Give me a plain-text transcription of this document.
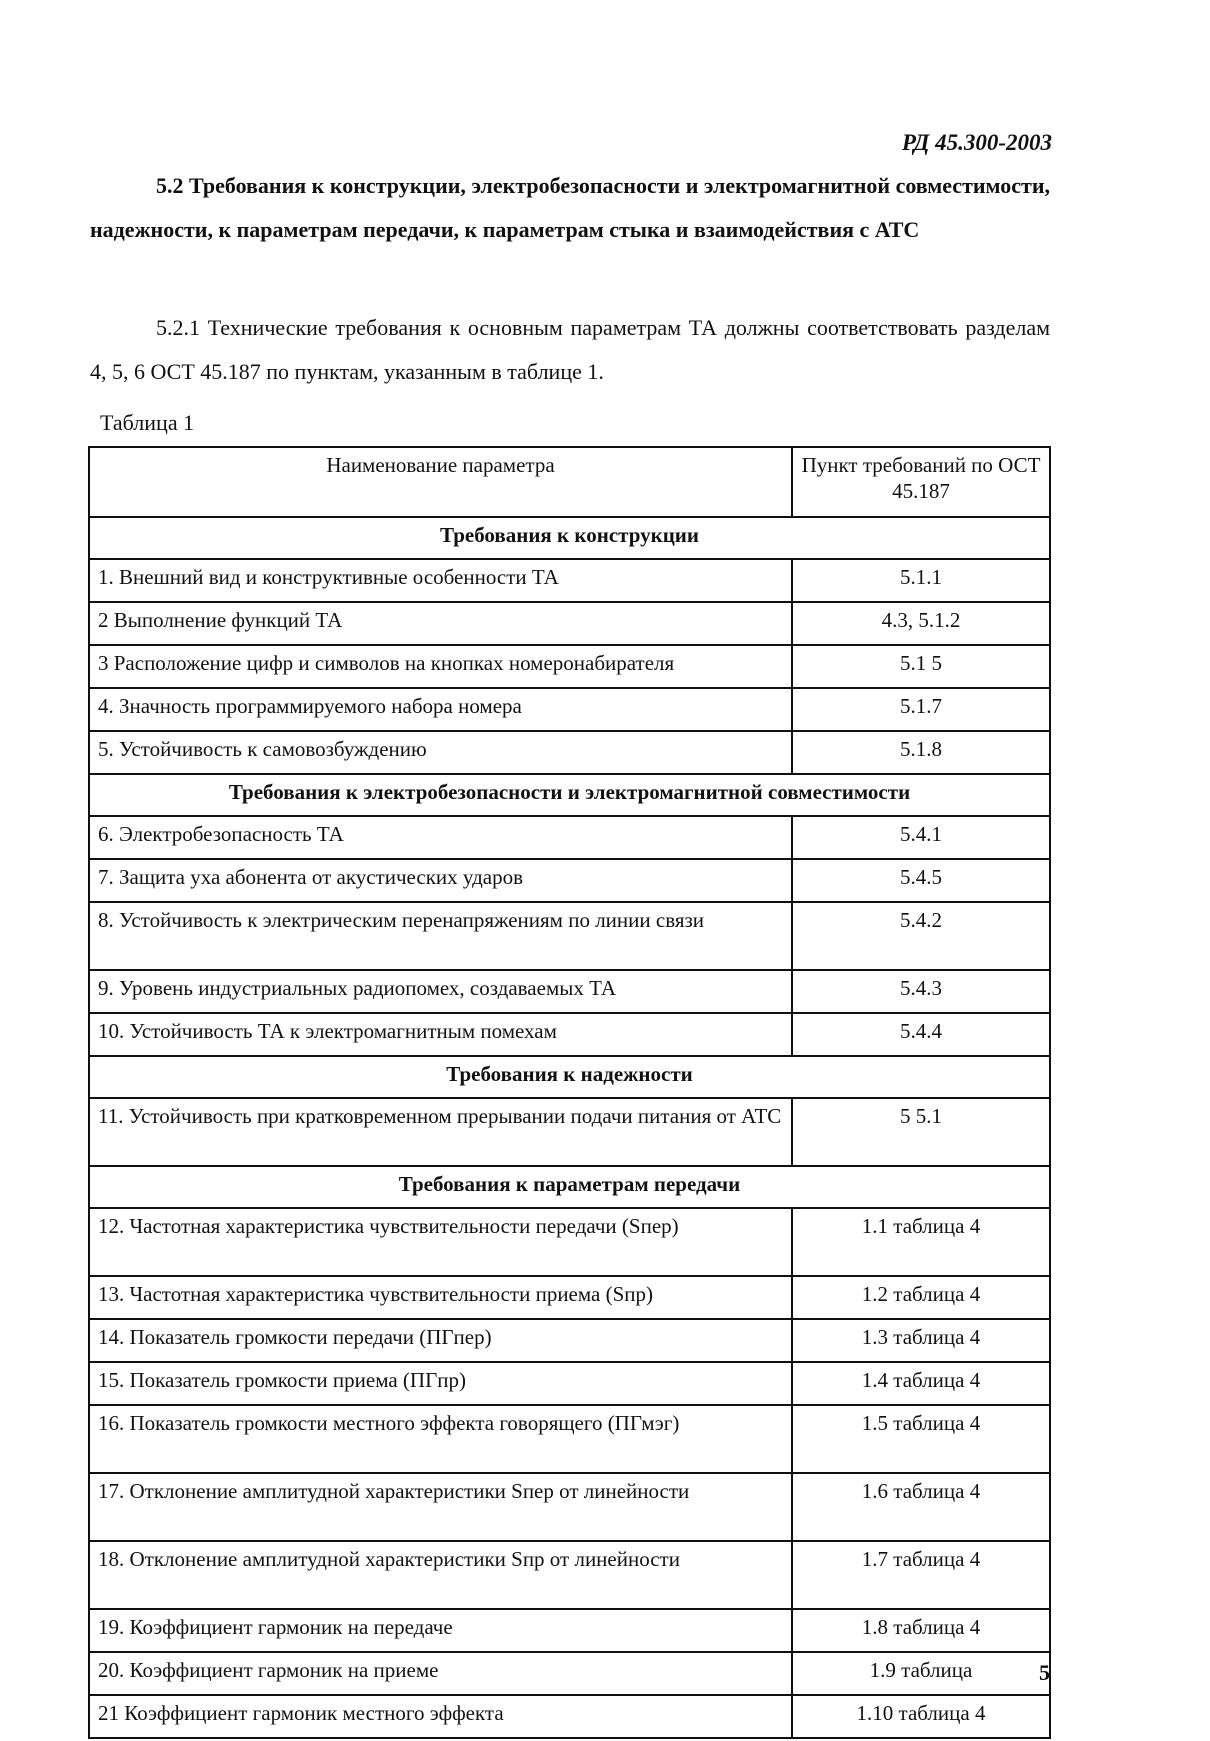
РД 45.300-2003
5.2 Требования к конструкции, электробезопасности и электромагнитной совместимости, надежности, к параметрам передачи, к параметрам стыка и взаимодействия с АТС
5.2.1 Технические требования к основным параметрам ТА должны соответствовать разделам 4, 5, 6 ОСТ 45.187 по пунктам, указанным в таблице 1.
Таблица 1
Наименование параметра	Пункт требований по ОСТ 45.187
Требования к конструкции	
1. Внешний вид и конструктивные особенности ТА	5.1.1
2 Выполнение функций ТА	4.3, 5.1.2
3 Расположение цифр и символов на кнопках номеронабирателя	5.1 5
4. Значность программируемого набора номера	5.1.7
5. Устойчивость к самовозбуждению	5.1.8
Требования к электробезопасности и электромагнитной совместимости	
6. Электробезопасность ТА	5.4.1
7. Защита уха абонента от акустических ударов	5.4.5
8. Устойчивость к электрическим перенапряжениям по линии связи	5.4.2
9. Уровень индустриальных радиопомех, создаваемых ТА	5.4.3
10. Устойчивость ТА к электромагнитным помехам	5.4.4
Требования к надежности	
11. Устойчивость при кратковременном прерывании подачи питания от АТС	5 5.1
Требования к параметрам передачи	
12. Частотная характеристика чувствительности передачи (Sпер)	1.1 таблица 4
13. Частотная характеристика чувствительности приема (Sпр)	1.2 таблица 4
14. Показатель громкости передачи (ПГпер)	1.3 таблица 4
15. Показатель громкости приема (ПГпр)	1.4 таблица 4
16. Показатель громкости местного эффекта говорящего (ПГмэг)	1.5 таблица 4
17. Отклонение амплитудной характеристики Sпер от линейности	1.6 таблица 4
18. Отклонение амплитудной характеристики Sпр от линейности	1.7 таблица 4
19. Коэффициент гармоник на передаче	1.8 таблица 4
20. Коэффициент гармоник на приеме	1.9 таблица
21 Коэффициент гармоник местного эффекта	1.10 таблица 4
5
